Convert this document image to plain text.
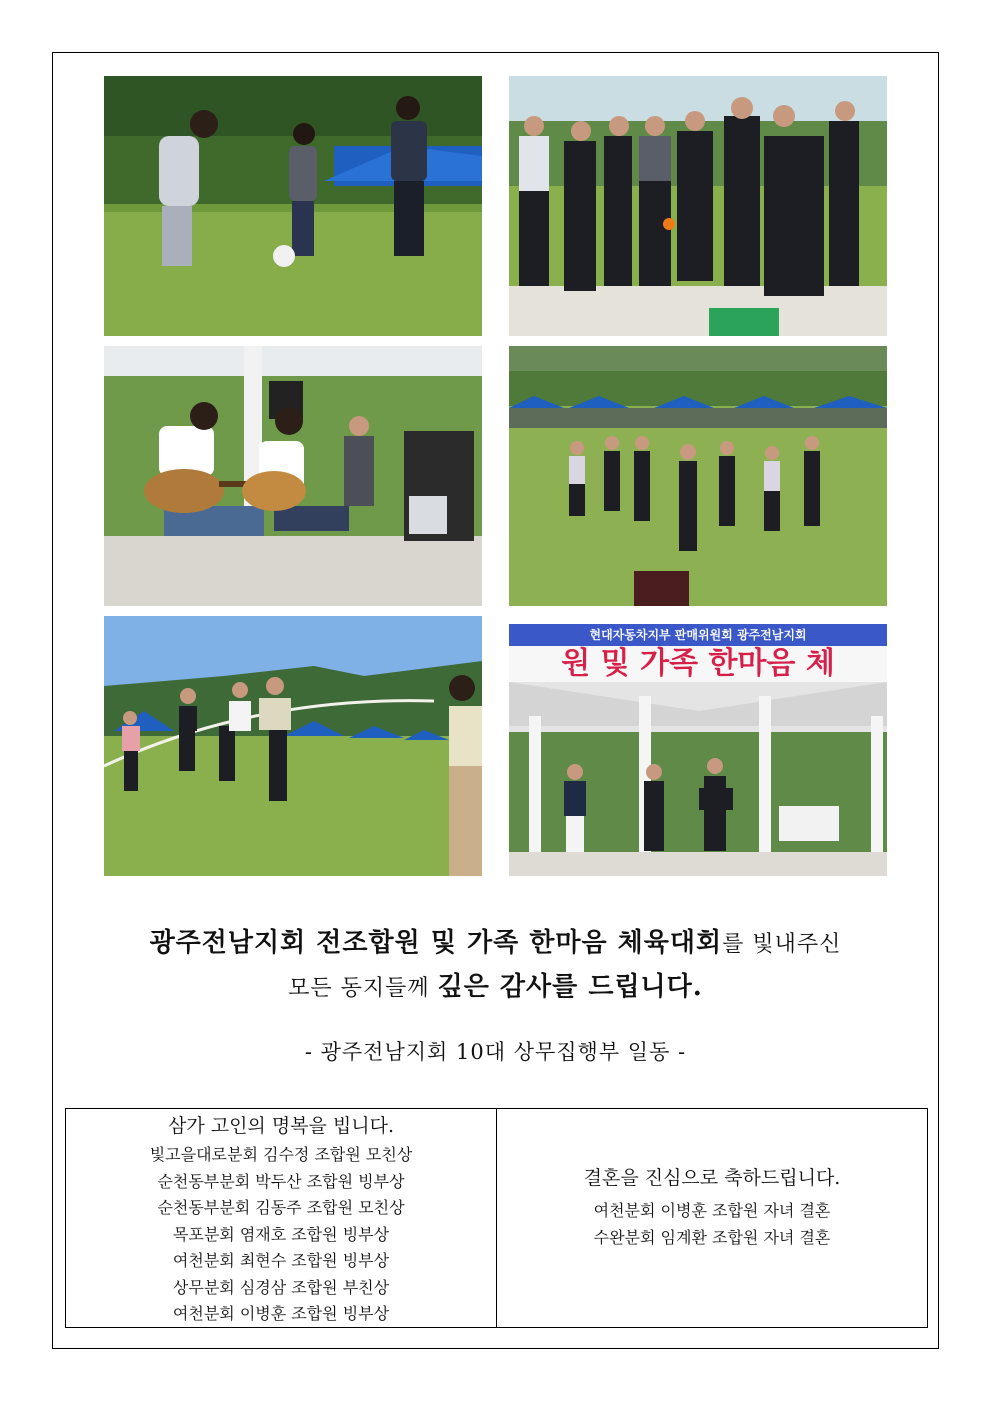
현대자동차지부 판매위원회 광주전남지회
원 및 가족 한마음 체
광주전남지회 전조합원 및 가족 한마음 체육대회를 빛내주신
모든 동지들께 깊은 감사를 드립니다.
- 광주전남지회 10대 상무집행부 일동 -
삼가 고인의 명복을 빕니다.
빛고을대로분회 김수정 조합원 모친상
순천동부분회 박두산 조합원 빙부상
순천동부분회 김동주 조합원 모친상
목포분회 염재호 조합원 빙부상
여천분회 최현수 조합원 빙부상
상무분회 심경삼 조합원 부친상
여천분회 이병훈 조합원 빙부상
결혼을 진심으로 축하드립니다.
여천분회 이병훈 조합원 자녀 결혼
수완분회 임계환 조합원 자녀 결혼
